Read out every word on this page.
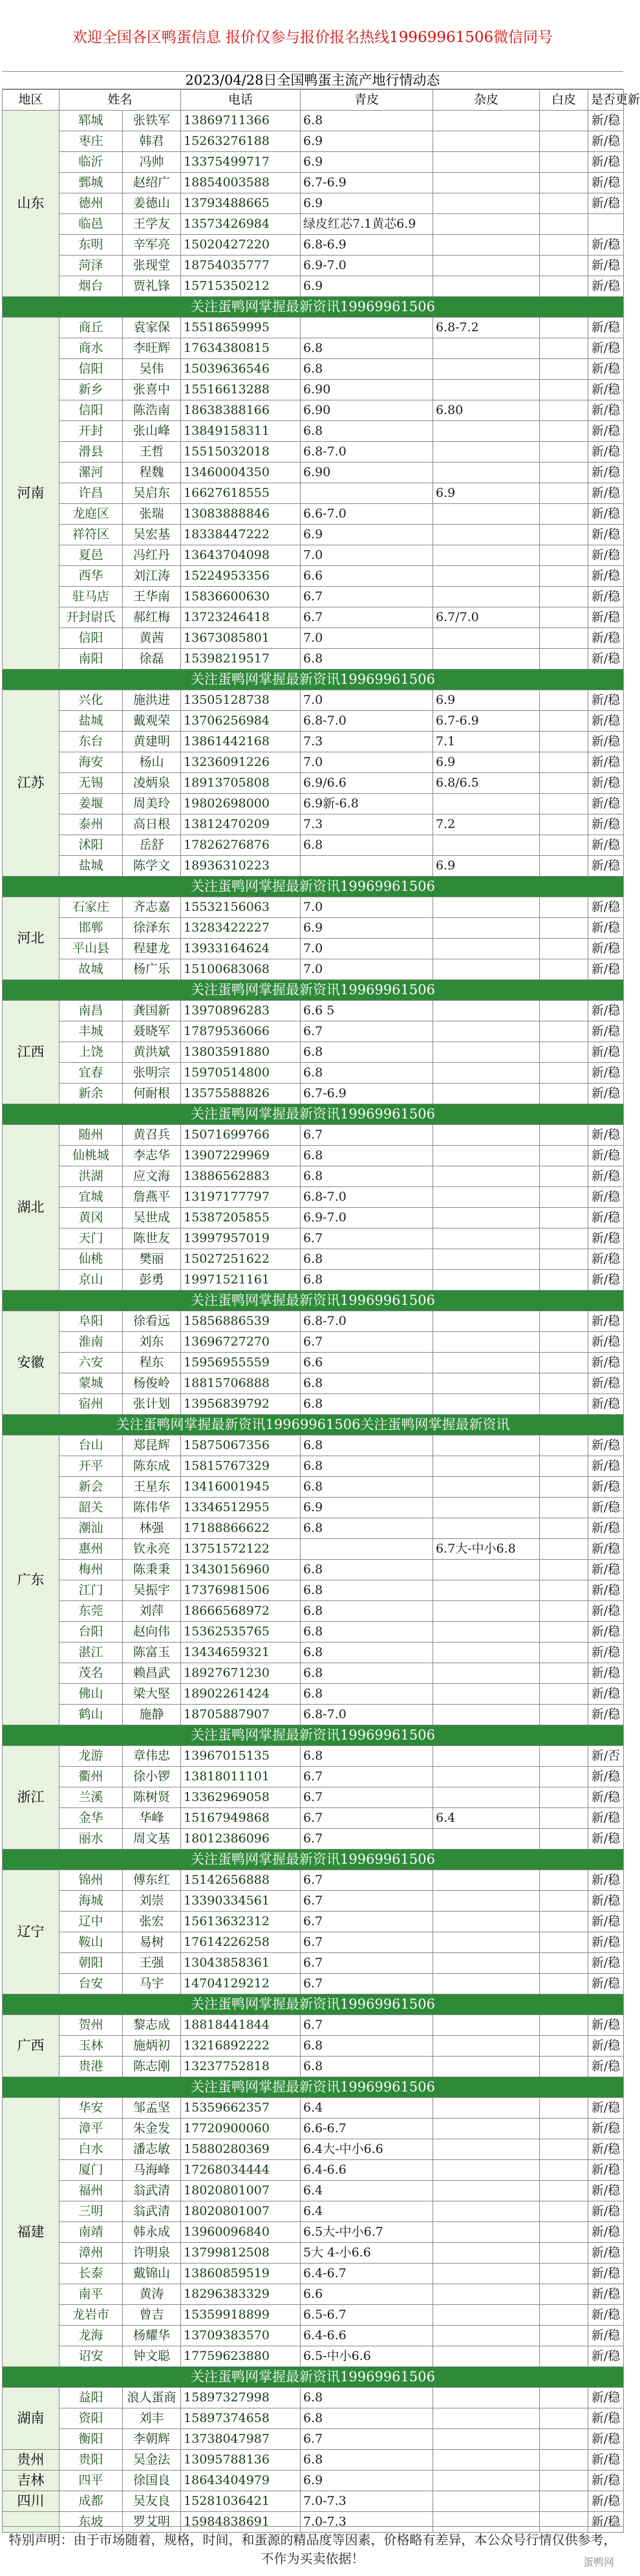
欢迎全国各区鸭蛋信息 报价仅参与报价报名热线19969961506微信同号
2023/04/28日全国鸭蛋主流产地行情动态
地区	姓名		电话	青皮	杂皮	白皮	是否更新
山东	郓城	张铁军	13869711366	6.8			新/稳
	枣庄	韩君	15263276188	6.9			新/稳
	临沂	冯帅	13375499717	6.9			新/稳
	鄄城	赵绍广	18854003588	6.7-6.9			新/稳
	德州	姜德山	13793488665	6.9			新/稳
	临邑	王学友	13573426984	绿皮红芯7.1黄芯6.9			
	东明	辛军亮	15020427220	6.8-6.9			新/稳
	菏泽	张现堂	18754035777	6.9-7.0			新/稳
	烟台	贾礼锋	15715350212	6.9			新/稳
关注蛋鸭网掌握最新资讯19969961506							
河南	商丘	袁家保	15518659995		6.8-7.2		新/稳
	商水	李旺辉	17634380815	6.8			新/稳
	信阳	吴伟	15039636546	6.8			新/稳
	新乡	张喜中	15516613288	6.90			新/稳
	信阳	陈浩南	18638388166	6.90	6.80		新/稳
	开封	张山峰	13849158311	6.8			新/稳
	滑县	王哲	15515032018	6.8-7.0			新/稳
	漯河	程魏	13460004350	6.90			新/稳
	许昌	吴启东	16627618555		6.9		新/稳
	龙庭区	张瑞	13083888846	6.6-7.0			新/稳
	祥符区	吴宏基	18338447222	6.9			新/稳
	夏邑	冯红丹	13643704098	7.0			新/稳
	西华	刘江涛	15224953356	6.6			新/稳
	驻马店	王华南	15836600630	6.7			新/稳
	开封尉氏	郝红梅	13723246418	6.7	6.7/7.0		新/稳
	信阳	黄茜	13673085801	7.0			新/稳
	南阳	徐磊	15398219517	6.8			新/稳
关注蛋鸭网掌握最新资讯19969961506							
江苏	兴化	施洪进	13505128738	7.0	6.9		新/稳
	盐城	戴观荣	13706256984	6.8-7.0	6.7-6.9		新/稳
	东台	黄建明	13861442168	7.3	7.1		新/稳
	海安	杨山	13236091226	7.0	6.9		新/稳
	无锡	凌炳泉	18913705808	6.9/6.6	6.8/6.5		新/稳
	姜堰	周美玲	19802698000	6.9新-6.8			新/稳
	泰州	高日根	13812470209	7.3	7.2		新/稳
	沭阳	岳舒	17826276876	6.8			新/稳
	盐城	陈学文	18936310223		6.9		新/稳
关注蛋鸭网掌握最新资讯19969961506							
河北	石家庄	齐志嘉	15532156063	7.0			新/稳
	邯郸	徐泽东	13283422227	6.9			新/稳
	平山县	程建龙	13933164624	7.0			新/稳
	故城	杨广乐	15100683068	7.0			新/稳
关注蛋鸭网掌握最新资讯19969961506							
江西	南昌	龚国新	13970896283	6.6 5			新/稳
	丰城	聂晓军	17879536066	6.7			新/稳
	上饶	黄洪斌	13803591880	6.8			新/稳
	宜春	张明宗	15970514800	6.8			新/稳
	新余	何耐根	13575588826	6.7-6.9			新/稳
关注蛋鸭网掌握最新资讯19969961506							
湖北	随州	黄召兵	15071699766	6.7			新/稳
	仙桃城	李志华	13907229969	6.8			新/稳
	洪湖	应文海	13886562883	6.8			新/稳
	宜城	詹燕平	13197177797	6.8-7.0			新/稳
	黄冈	吴世成	15387205855	6.9-7.0			新/稳
	天门	陈世友	13997957019	6.7			新/稳
	仙桃	樊丽	15027251622	6.8			新/稳
	京山	彭勇	19971521161	6.8			新/稳
关注蛋鸭网掌握最新资讯19969961506							
安徽	阜阳	徐看远	15856886539	6.8-7.0			新/稳
	淮南	刘东	13696727270	6.7			新/稳
	六安	程东	15956955559	6.6			新/稳
	蒙城	杨俊岭	18815706888	6.8			新/稳
	宿州	张计划	13956839792	6.8			新/稳
关注蛋鸭网掌握最新资讯19969961506关注蛋鸭网掌握最新资讯							
广东	台山	郑昆辉	15875067356	6.8			新/稳
	开平	陈东成	15815767329	6.8			新/稳
	新会	王星东	13416001945	6.8			新/稳
	韶关	陈伟华	13346512955	6.9			新/稳
	潮汕	林强	17188866622	6.8			新/稳
	惠州	钦永亮	13751572122		6.7大-中小6.8		新/稳
	梅州	陈秉秉	13430156960	6.8			新/稳
	江门	吴振宇	17376981506	6.8			新/稳
	东莞	刘萍	18666568972	6.8			新/稳
	台阳	赵向伟	15362535765	6.8			新/稳
	湛江	陈富玉	13434659321	6.8			新/稳
	茂名	赖昌武	18927671230	6.8			新/稳
	佛山	梁大堅	18902261424	6.8			新/稳
	鹤山	施静	18705887907	6.8-7.0			新/稳
关注蛋鸭网掌握最新资讯19969961506							
浙江	龙游	章伟忠	13967015135	6.8			新/否
	衢州	徐小锣	13818011101	6.7			新/稳
	兰溪	陈树贤	13362969058	6.7			新/稳
	金华	华峰	15167949868	6.7	6.4		新/稳
	丽水	周文基	18012386096	6.7			新/稳
关注蛋鸭网掌握最新资讯19969961506							
辽宁	锦州	傅东红	15142656888	6.7			新/稳
	海城	刘崇	13390334561	6.7			新/稳
	辽中	张宏	15613632312	6.7			新/稳
	鞍山	易树	17614226258	6.7			新/稳
	朝阳	王强	13043858361	6.7			新/稳
	台安	马宇	14704129212	6.7			新/稳
关注蛋鸭网掌握最新资讯19969961506							
广西	贺州	黎志成	18818441844	6.7			新/稳
	玉林	施炳初	13216892222	6.8			新/稳
	贵港	陈志刚	13237752818	6.8			新/稳
关注蛋鸭网掌握最新资讯19969961506							
福建	华安	邹孟坚	15359662357	6.4			新/稳
	漳平	朱金发	17720900060	6.6-6.7			新/稳
	白水	潘志敏	15880280369	6.4大-中小6.6			新/稳
	厦门	马海峰	17268034444	6.4-6.6			新/稳
	福州	翁武清	18020801007	6.4			新/稳
	三明	翁武清	18020801007	6.4			新/稳
	南靖	韩永成	13960096840	6.5大-中小6.7			新/稳
	漳州	许明泉	13799812508	5大 4-小6.6			新/稳
	长泰	戴锦山	13860859519	6.4-6.7			新/稳
	南平	黄涛	18296383329	6.6			新/稳
	龙岩市	曾吉	15359918899	6.5-6.7			新/稳
	龙海	杨耀华	13709383570	6.4-6.6			新/稳
	诏安	钟文聪	17759623880	6.5-中小6.6			新/稳
关注蛋鸭网掌握最新资讯19969961506							
湖南	益阳	浪人蛋商	15897327998	6.8			新/稳
	资阳	刘丰	15897374658	6.8			新/稳
	衡阳	李朝辉	13738047987	6.7			新/稳
贵州	贵阳	吴金法	13095788136	6.8			新/稳
吉林	四平	徐国良	18643404979	6.9			新/稳
四川	成都	吴友良	15281036421	7.0-7.3			新/稳
	东坡	罗艾明	15984838691	7.0-7.3			新/稳

特别声明：由于市场随着，规格，时间，和蛋源的精品度等因素，价格略有差异，本公众号行情仅供参考，不作为买卖依据！	蛋鸭网
